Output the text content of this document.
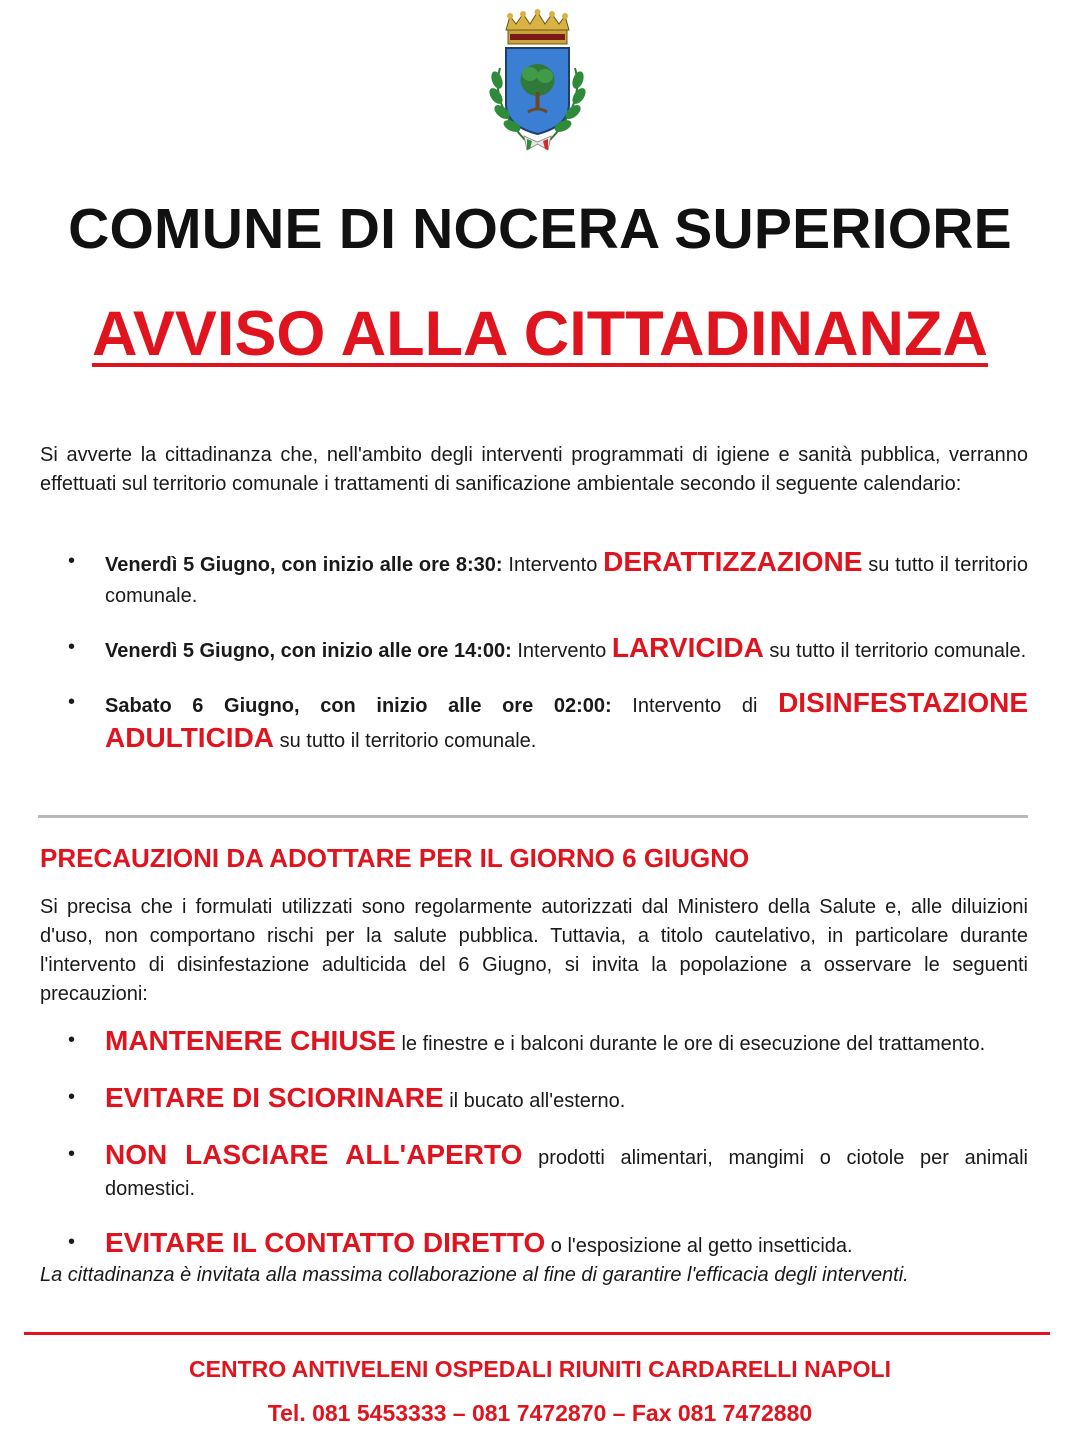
COMUNE DI NOCERA SUPERIORE
AVVISO ALLA CITTADINANZA

Si avverte la cittadinanza che, nell'ambito degli interventi programmati di igiene e sanità pubblica, verranno effettuati sul territorio comunale i trattamenti di sanificazione ambientale secondo il seguente calendario:

• Venerdì 5 Giugno, con inizio alle ore 8:30: Intervento DERATTIZZAZIONE su tutto il territorio comunale.
• Venerdì 5 Giugno, con inizio alle ore 14:00: Intervento LARVICIDA su tutto il territorio comunale.
• Sabato 6 Giugno, con inizio alle ore 02:00: Intervento di DISINFESTAZIONE ADULTICIDA su tutto il territorio comunale.
PRECAUZIONI DA ADOTTARE PER IL GIORNO 6 GIUGNO

Si precisa che i formulati utilizzati sono regolarmente autorizzati dal Ministero della Salute e, alle diluizioni d'uso, non comportano rischi per la salute pubblica. Tuttavia, a titolo cautelativo, in particolare durante l'intervento di disinfestazione adulticida del 6 Giugno, si invita la popolazione a osservare le seguenti precauzioni:

• MANTENERE CHIUSE le finestre e i balconi durante le ore di esecuzione del trattamento.
• EVITARE DI SCIORINARE il bucato all'esterno.
• NON LASCIARE ALL'APERTO prodotti alimentari, mangimi o ciotole per animali domestici.
• EVITARE IL CONTATTO DIRETTO o l'esposizione al getto insetticida.
La cittadinanza è invitata alla massima collaborazione al fine di garantire l'efficacia degli interventi.
CENTRO ANTIVELENI OSPEDALI RIUNITI CARDARELLI NAPOLI
Tel. 081 5453333 – 081 7472870 – Fax 081 7472880
